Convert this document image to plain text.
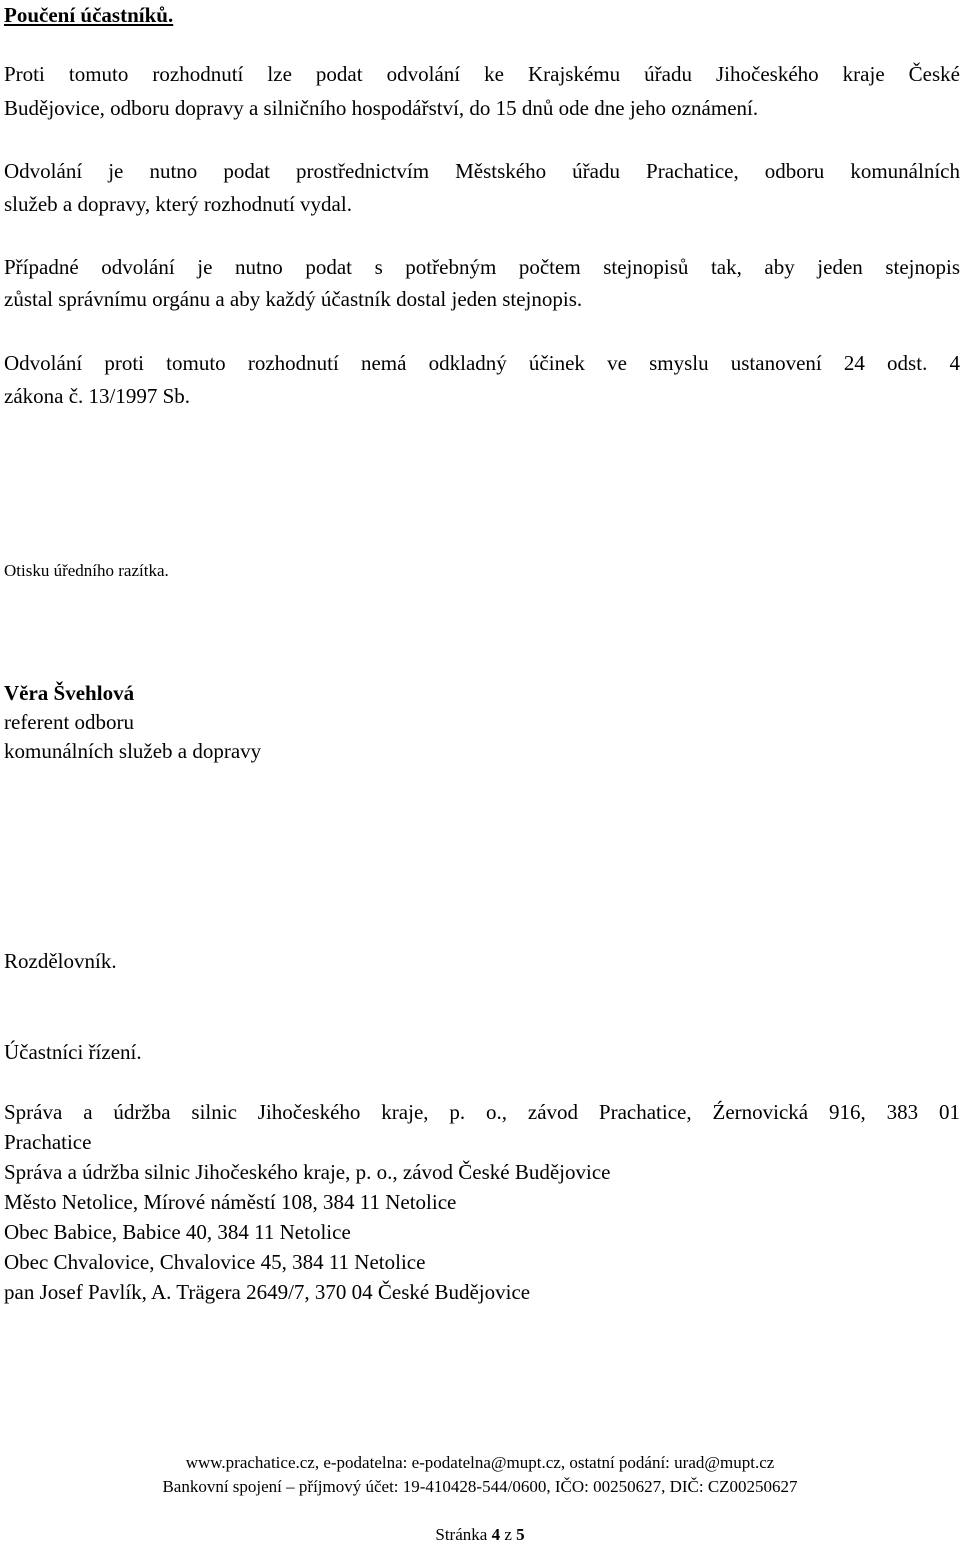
Poučení účastníků.
Proti tomuto rozhodnutí lze podat odvolání ke Krajskému úřadu Jihočeského kraje České
Budějovice, odboru dopravy a silničního hospodářství, do 15 dnů ode dne jeho oznámení.
Odvolání je nutno podat prostřednictvím Městského úřadu Prachatice, odboru komunálních
služeb a dopravy, který rozhodnutí vydal.
Případné odvolání je nutno podat s potřebným počtem stejnopisů tak, aby jeden stejnopis
zůstal správnímu orgánu a aby každý účastník dostal jeden stejnopis.
Odvolání proti tomuto rozhodnutí nemá odkladný účinek ve smyslu ustanovení 24 odst. 4
zákona č. 13/1997 Sb.
Otisku úředního razítka.
Věra Švehlová
referent odboru
komunálních služeb a dopravy
Rozdělovník.
Účastníci řízení.
Správa a údržba silnic Jihočeského kraje, p. o., závod Prachatice, Źernovická 916, 383 01
Prachatice
Správa a údržba silnic Jihočeského kraje, p. o., závod České Budějovice
Město Netolice, Mírové náměstí 108, 384 11 Netolice
Obec Babice, Babice 40, 384 11 Netolice
Obec Chvalovice, Chvalovice 45, 384 11 Netolice
pan Josef Pavlík, A. Trägera 2649/7, 370 04 České Budějovice
www.prachatice.cz, e-podatelna: e-podatelna@mupt.cz, ostatní podání: urad@mupt.cz
Bankovní spojení – příjmový účet: 19-410428-544/0600, IČO: 00250627, DIČ: CZ00250627
Stránka 4 z 5
